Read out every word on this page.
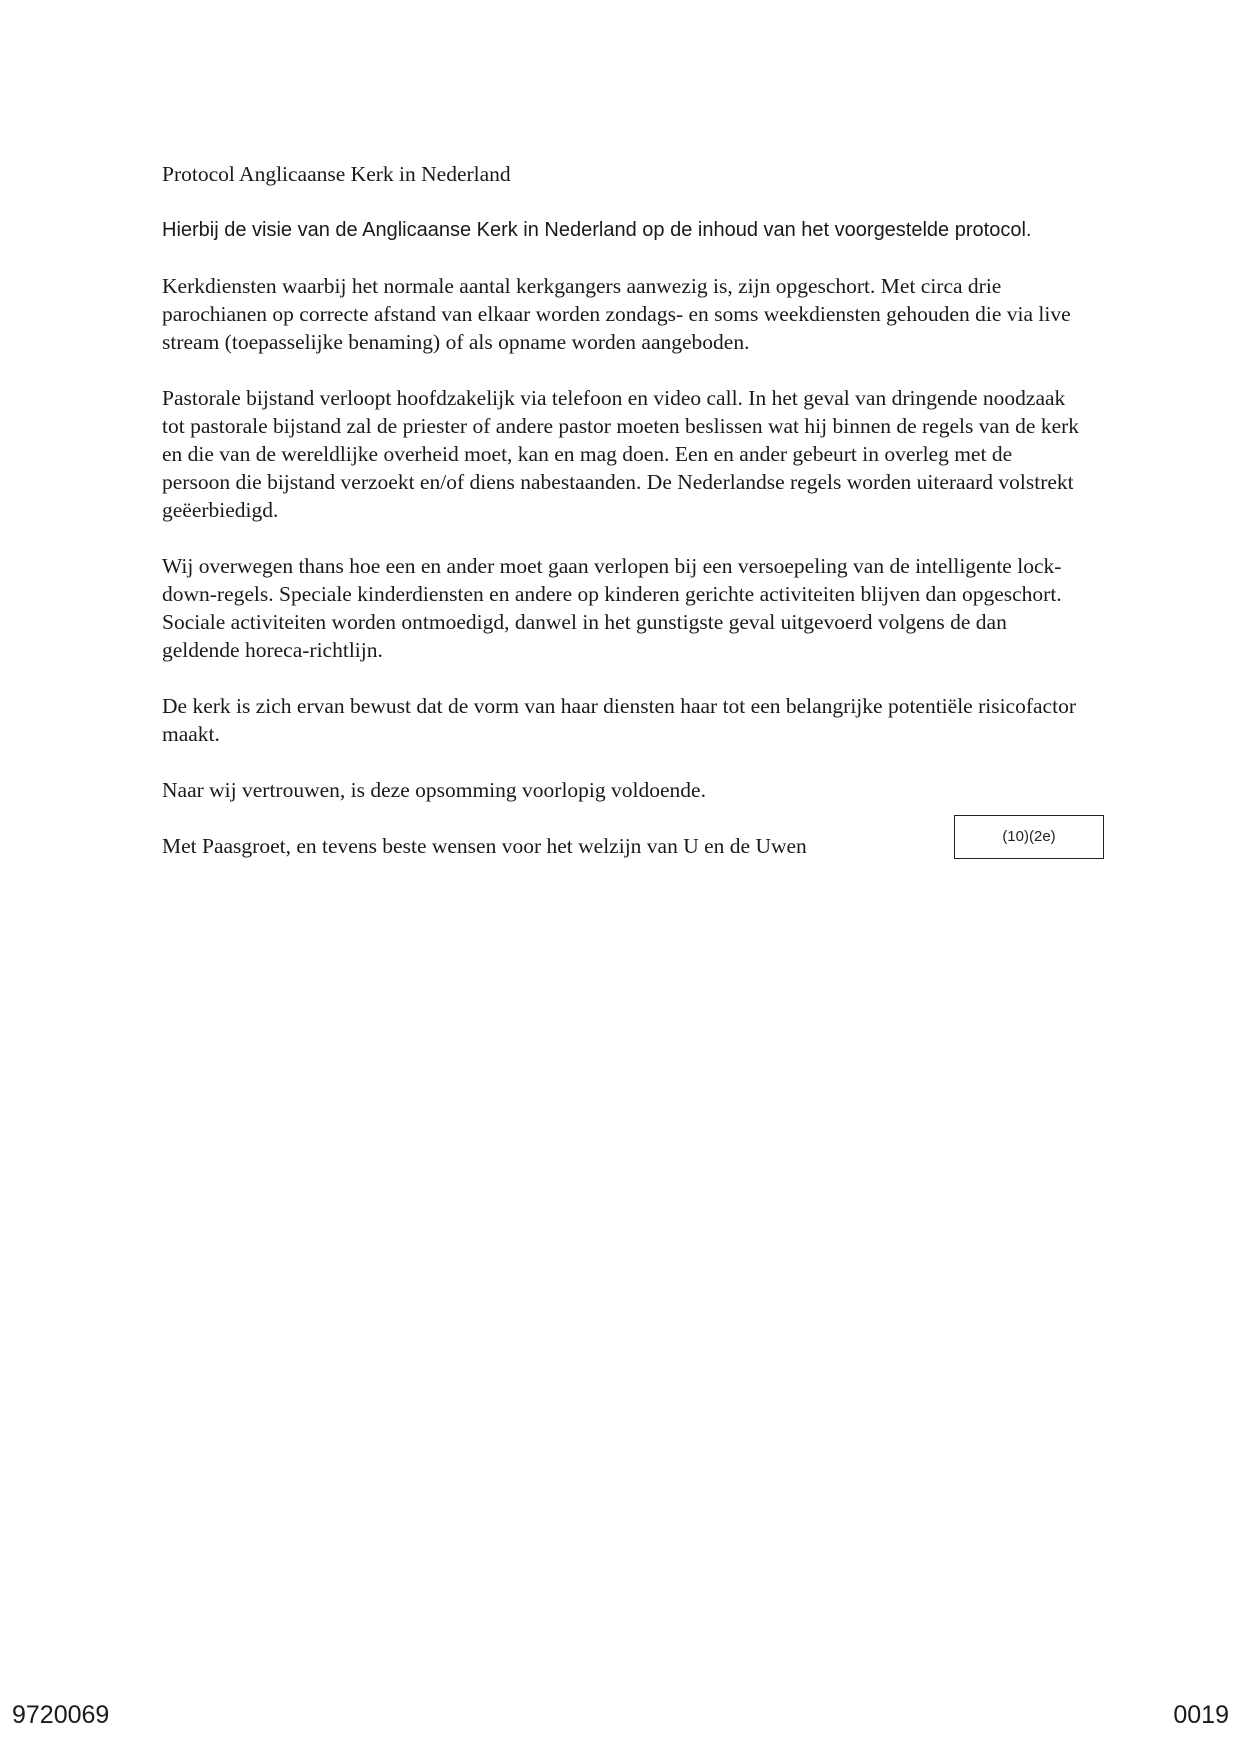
Protocol Anglicaanse Kerk in Nederland

Hierbij de visie van de Anglicaanse Kerk in Nederland op de inhoud van het voorgestelde protocol.

Kerkdiensten waarbij het normale aantal kerkgangers aanwezig is, zijn opgeschort. Met circa drie parochianen op correcte afstand van elkaar worden zondags- en soms weekdiensten gehouden die via live stream (toepasselijke benaming) of als opname worden aangeboden.

Pastorale bijstand verloopt hoofdzakelijk via telefoon en video call. In het geval van dringende noodzaak tot pastorale bijstand zal de priester of andere pastor moeten beslissen wat hij binnen de regels van de kerk en die van de wereldlijke overheid moet, kan en mag doen. Een en ander gebeurt in overleg met de persoon die bijstand verzoekt en/of diens nabestaanden. De Nederlandse regels worden uiteraard volstrekt geëerbiedigd.

Wij overwegen thans hoe een en ander moet gaan verlopen bij een versoepeling van de intelligente lock-down-regels. Speciale kinderdiensten en andere op kinderen gerichte activiteiten blijven dan opgeschort. Sociale activiteiten worden ontmoedigd, danwel in het gunstigste geval uitgevoerd volgens de dan geldende horeca-richtlijn.

De kerk is zich ervan bewust dat de vorm van haar diensten haar tot een belangrijke potentiële risicofactor maakt.

Naar wij vertrouwen, is deze opsomming voorlopig voldoende.

Met Paasgroet, en tevens beste wensen voor het welzijn van U en de Uwen	(10)(2e)
9720069	0019
